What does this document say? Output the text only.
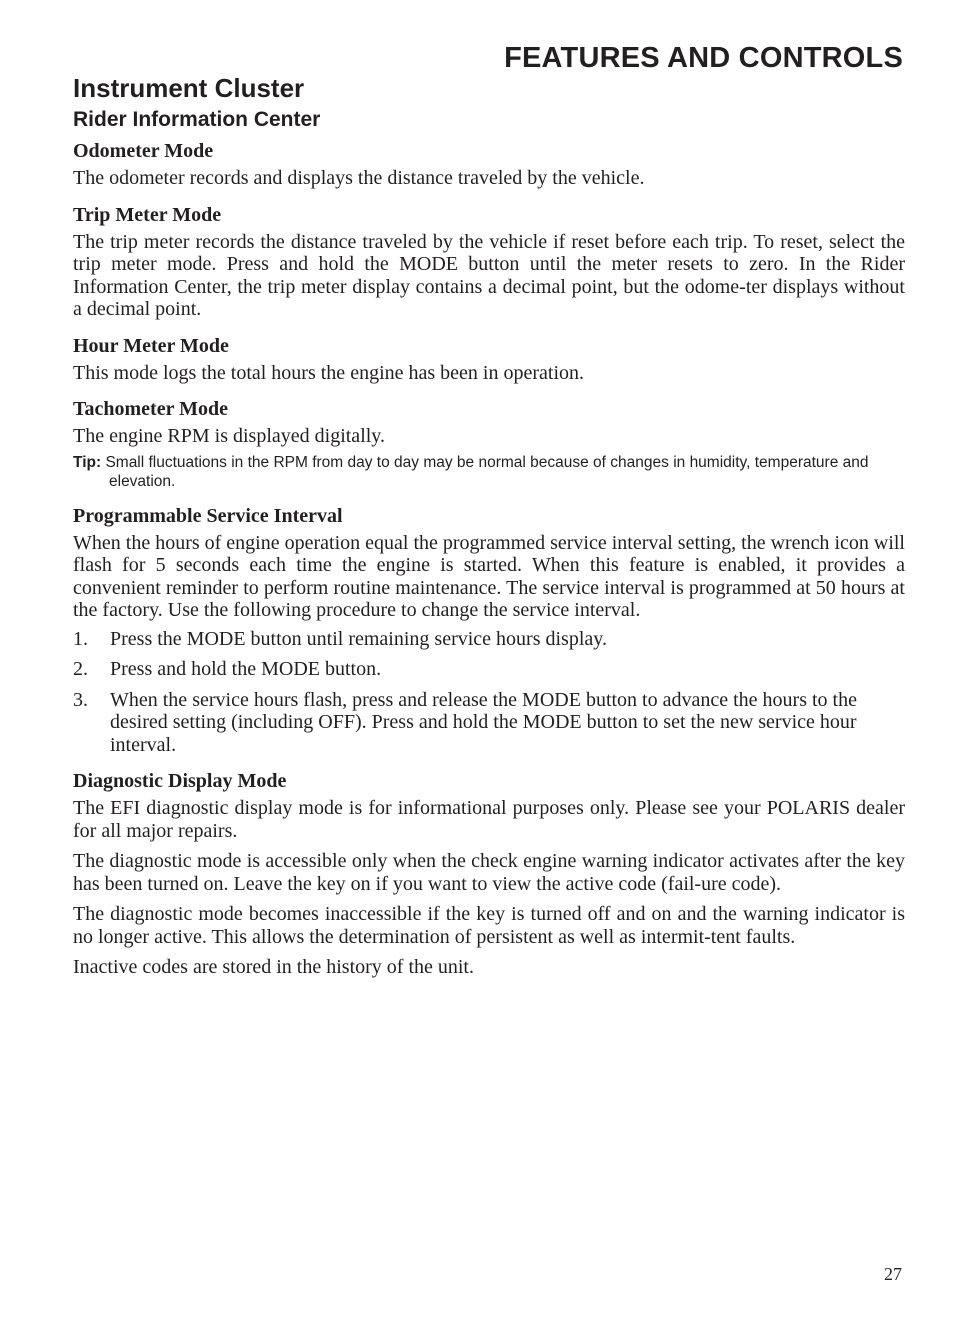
FEATURES AND CONTROLS
Instrument Cluster
Rider Information Center
Odometer Mode

The odometer records and displays the distance traveled by the vehicle.

Trip Meter Mode

The trip meter records the distance traveled by the vehicle if reset before each trip. To reset, select the trip meter mode. Press and hold the MODE button until the meter resets to zero. In the Rider Information Center, the trip meter display contains a decimal point, but the odome-ter displays without a decimal point.

Hour Meter Mode

This mode logs the total hours the engine has been in operation.

Tachometer Mode

The engine RPM is displayed digitally.

Tip: Small fluctuations in the RPM from day to day may be normal because of changes in humidity, temperature and elevation.

Programmable Service Interval

When the hours of engine operation equal the programmed service interval setting, the wrench icon will flash for 5 seconds each time the engine is started. When this feature is enabled, it provides a convenient reminder to perform routine maintenance. The service interval is programmed at 50 hours at the factory. Use the following procedure to change the service interval.

1. Press the MODE button until remaining service hours display.
2. Press and hold the MODE button.
3. When the service hours flash, press and release the MODE button to advance the hours to the desired setting (including OFF). Press and hold the MODE button to set the new service hour interval.
Diagnostic Display Mode

The EFI diagnostic display mode is for informational purposes only. Please see your POLARIS dealer for all major repairs.

The diagnostic mode is accessible only when the check engine warning indicator activates after the key has been turned on. Leave the key on if you want to view the active code (fail-ure code).

The diagnostic mode becomes inaccessible if the key is turned off and on and the warning indicator is no longer active. This allows the determination of persistent as well as intermit-tent faults.

Inactive codes are stored in the history of the unit.

27
